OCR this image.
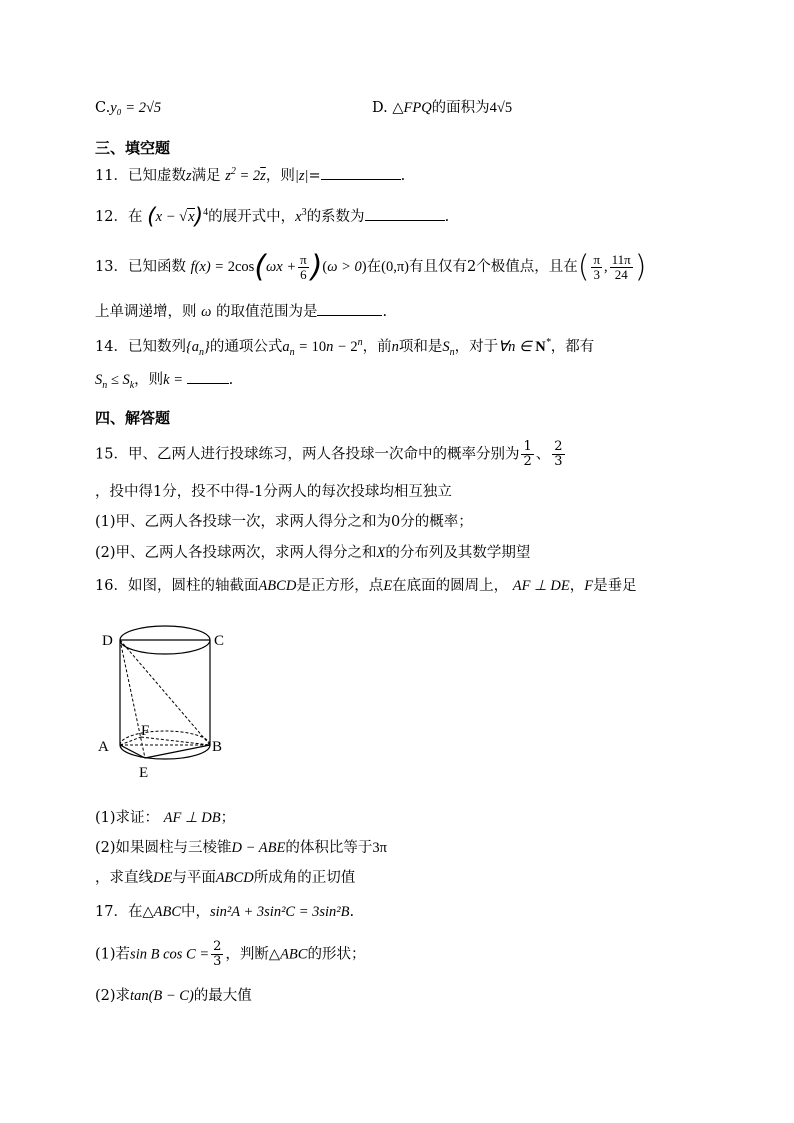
C.y₀ = 2√5	D. △FPQ的面积为4√5
三、填空题
11．已知虚数z满足 $z^2 = 2\overline{z}$，则|z|=	.
12．在 $(x - √x)^4$的展开式中，$x^3$的系数为	.
13．已知函数 $f(x) = 2\cos(\omega x + \frac{\pi}{6} )(\omega > 0)$在(0,π)有且仅有2个极值点，且在( $\frac{\pi}{3}$ , $\frac{11\pi}{24}$ )
上单调递增，则 ω 的取值范围为是	.
14．已知数列$\{a_n\}$的通项公式$a_n = 10n - 2^n$，前n项和是$S_n$，对于∀n ∈ N*，都有
$S_n \le S_k$，则k =	.
四、解答题
15．甲、乙两人进行投球练习，两人各投球一次命中的概率分别为 $\frac{1}{2}$ 、 $\frac{2}{3}$
，投中得1分，投不中得-1分两人的每次投球均相互独立
(1)甲、乙两人各投球一次，求两人得分之和为0分的概率；
(2)甲、乙两人各投球两次，求两人得分之和X的分布列及其数学期望
16．如图，圆柱的轴截面ABCD是正方形，点E在底面的圆周上， AF ⊥ DE，F是垂足
D	C
A	B
F
E
(1)求证： AF ⊥ DB；
(2)如果圆柱与三棱锥D − ABE的体积比等于3π
，求直线DE与平面ABCD所成角的正切值
17．在△ABC中，sin²A + 3sin²C = 3sin²B.
(1)若sin B $\cos C = \frac{2}{3}$ ，判断△ABC的形状；
(2)求tan(B − C)的最大值
